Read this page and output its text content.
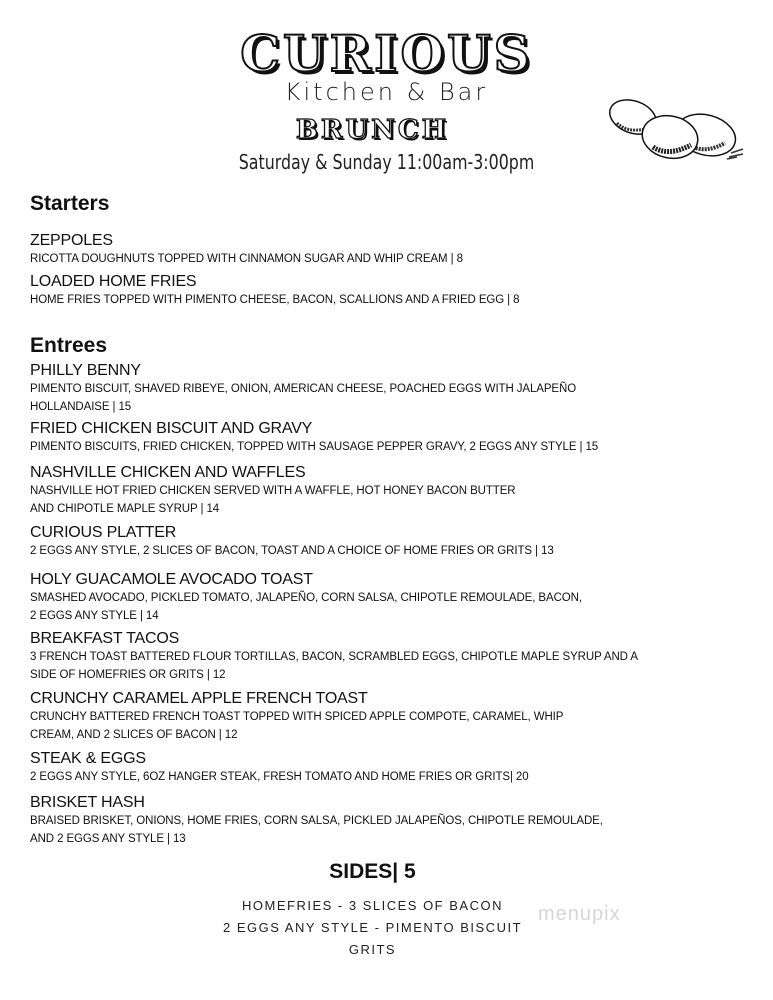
CURIOUS
Kitchen & Bar
BRUNCH
Saturday & Sunday 11:00am-3:00pm
Starters
ZEPPOLES
RICOTTA DOUGHNUTS TOPPED WITH CINNAMON SUGAR AND WHIP CREAM | 8
LOADED HOME FRIES
HOME FRIES TOPPED WITH PIMENTO CHEESE, BACON, SCALLIONS AND A FRIED EGG | 8
Entrees
PHILLY BENNY
PIMENTO BISCUIT, SHAVED RIBEYE, ONION, AMERICAN CHEESE, POACHED EGGS WITH JALAPEÑO
HOLLANDAISE | 15
FRIED CHICKEN BISCUIT AND GRAVY
PIMENTO BISCUITS, FRIED CHICKEN, TOPPED WITH SAUSAGE PEPPER GRAVY, 2 EGGS ANY STYLE | 15
NASHVILLE CHICKEN AND WAFFLES
NASHVILLE HOT FRIED CHICKEN SERVED WITH A WAFFLE, HOT HONEY BACON BUTTER
AND CHIPOTLE MAPLE SYRUP | 14
CURIOUS PLATTER
2 EGGS ANY STYLE, 2 SLICES OF BACON, TOAST AND A CHOICE OF HOME FRIES OR GRITS | 13
HOLY GUACAMOLE AVOCADO TOAST
SMASHED AVOCADO, PICKLED TOMATO, JALAPEÑO, CORN SALSA, CHIPOTLE REMOULADE, BACON,
2 EGGS ANY STYLE | 14
BREAKFAST TACOS
3 FRENCH TOAST BATTERED FLOUR TORTILLAS, BACON, SCRAMBLED EGGS, CHIPOTLE MAPLE SYRUP AND A
SIDE OF HOMEFRIES OR GRITS | 12
CRUNCHY CARAMEL APPLE FRENCH TOAST
CRUNCHY BATTERED FRENCH TOAST TOPPED WITH SPICED APPLE COMPOTE, CARAMEL, WHIP
CREAM, AND 2 SLICES OF BACON | 12
STEAK & EGGS
2 EGGS ANY STYLE, 6OZ HANGER STEAK, FRESH TOMATO AND HOME FRIES OR GRITS| 20
BRISKET HASH
BRAISED BRISKET, ONIONS, HOME FRIES, CORN SALSA, PICKLED JALAPEÑOS, CHIPOTLE REMOULADE,
AND 2 EGGS ANY STYLE | 13
SIDES| 5
HOMEFRIES - 3 SLICES OF BACON
2 EGGS ANY STYLE - PIMENTO BISCUIT
GRITS
menupix
